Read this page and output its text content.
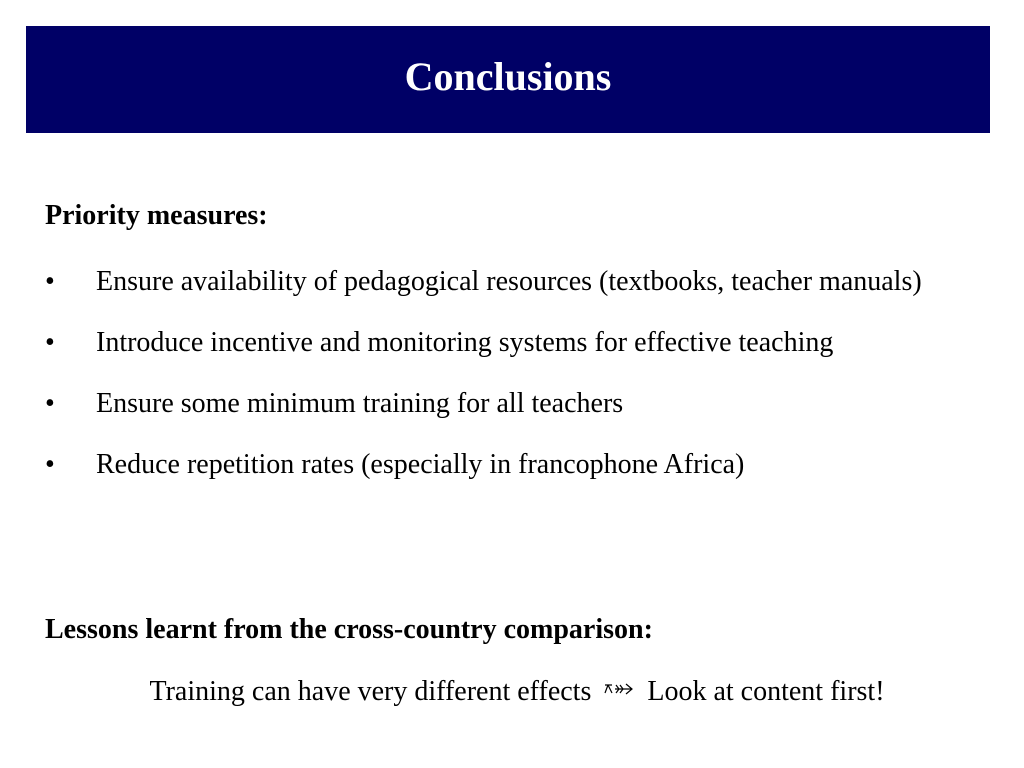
Conclusions
Priority measures:
•	Ensure availability of pedagogical resources (textbooks, teacher manuals)
•	Introduce incentive and monitoring systems for effective teaching
•	Ensure some minimum training for all teachers
•	Reduce repetition rates (especially in francophone Africa)
Lessons learnt from the cross-country comparison:
Training can have very different effects Look at content first!
